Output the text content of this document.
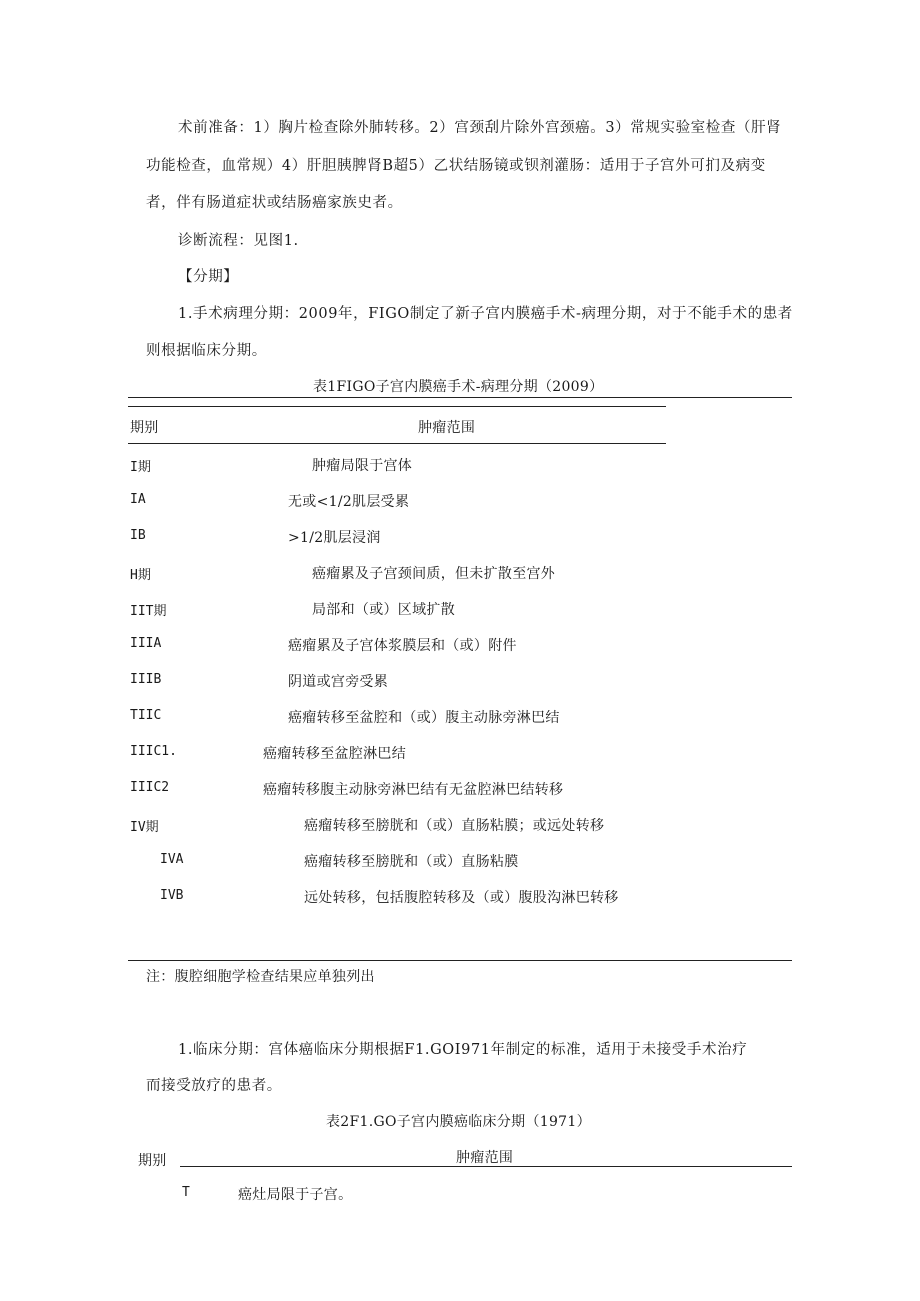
术前准备：1）胸片检查除外肺转移。2）宫颈刮片除外宫颈癌。3）常规实验室检查（肝肾
功能检查，血常规）4）肝胆胰脾肾B超5）乙状结肠镜或钡剂灌肠：适用于子宫外可扪及病变
者，伴有肠道症状或结肠癌家族史者。
诊断流程：见图1.
【分期】
1.手术病理分期：2009年，FIGO制定了新子宫内膜癌手术-病理分期，对于不能手术的患者
则根据临床分期。
表1FIGO子宫内膜癌手术-病理分期（2009）
期别	肿瘤范围
I期	肿瘤局限于宫体
IA	无或<1/2肌层受累
IB	>1/2肌层浸润
H期	癌瘤累及子宫颈间质，但未扩散至宫外
IIT期	局部和（或）区域扩散
IIIA	癌瘤累及子宫体浆膜层和（或）附件
IIIB	阴道或宫旁受累
TIIC	癌瘤转移至盆腔和（或）腹主动脉旁淋巴结
IIIC1.	癌瘤转移至盆腔淋巴结
IIIC2	癌瘤转移腹主动脉旁淋巴结有无盆腔淋巴结转移
IV期	癌瘤转移至膀胱和（或）直肠粘膜；或远处转移
IVA	癌瘤转移至膀胱和（或）直肠粘膜
IVB	远处转移，包括腹腔转移及（或）腹股沟淋巴转移
注：腹腔细胞学检查结果应单独列出
1.临床分期：宫体癌临床分期根据F1.GOI971年制定的标准，适用于未接受手术治疗
而接受放疗的患者。
表2F1.GO子宫内膜癌临床分期（1971）
期别	肿瘤范围
T	癌灶局限于子宫。
